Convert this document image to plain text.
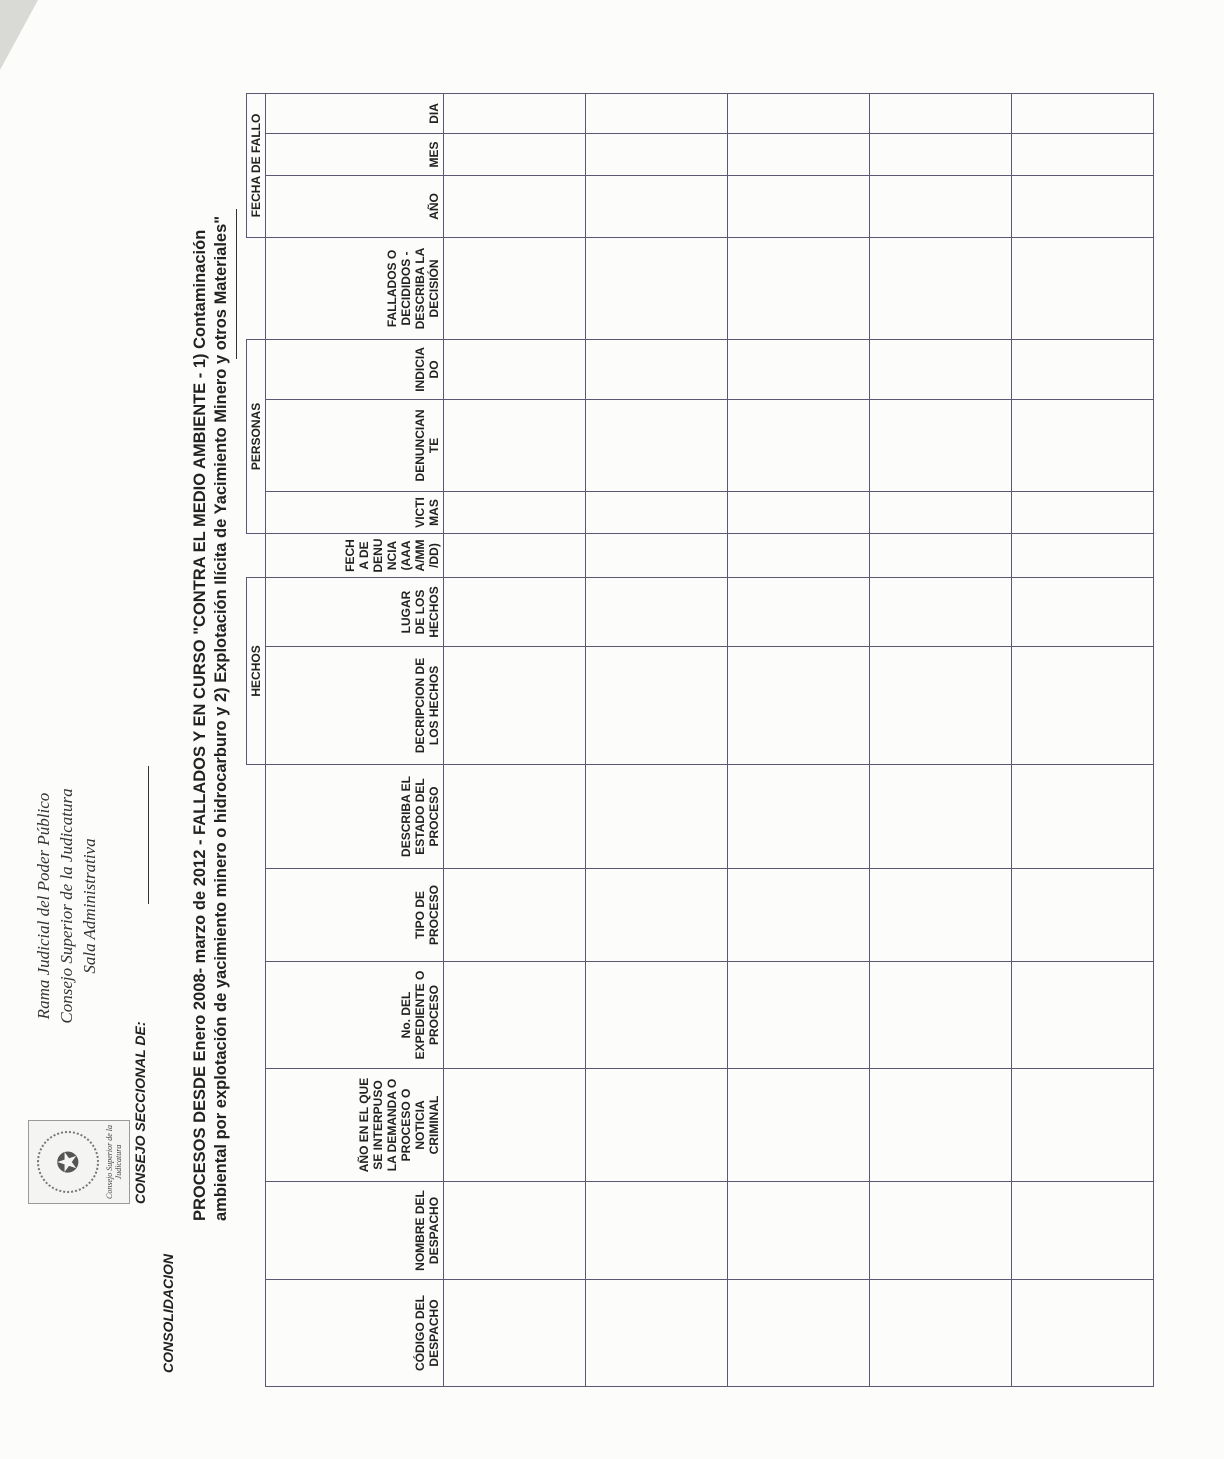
✪	Consejo Superior de la Judicatura
Rama Judicial del Poder Público Consejo Superior de la Judicatura Sala Administrativa
CONSEJO SECCIONAL DE:
CONSOLIDACION
PROCESOS DESDE Enero 2008- marzo de 2012 - FALLADOS Y EN CURSO "CONTRA EL MEDIO AMBIENTE - 1) Contaminación ambiental por explotación de yacimiento minero o hidrocarburo y 2) Explotación Ilícita de Yacimiento Minero y otros Materiales"
						HECHOS			PERSONAS				FECHA DE FALLO		
CÓDIGO DEL DESPACHO	NOMBRE DEL DESPACHO	AÑO EN EL QUE SE INTERPUSO LA DEMANDA O PROCESO O NOTICIA CRIMINAL	No. DEL EXPEDIENTE O PROCESO	TIPO DE PROCESO	DESCRIBA EL ESTADO DEL PROCESO	DECRIPCION DE LOS HECHOS	LUGAR DE LOS HECHOS	FECH A DE DENU NCIA (AAA A/MM /DD)	VICTI MAS	DENUNCIAN TE	INDICIA DO	FALLADOS O DECIDIDOS - DESCRIBA LA DECISIÓN	AÑO	MES	DIA
